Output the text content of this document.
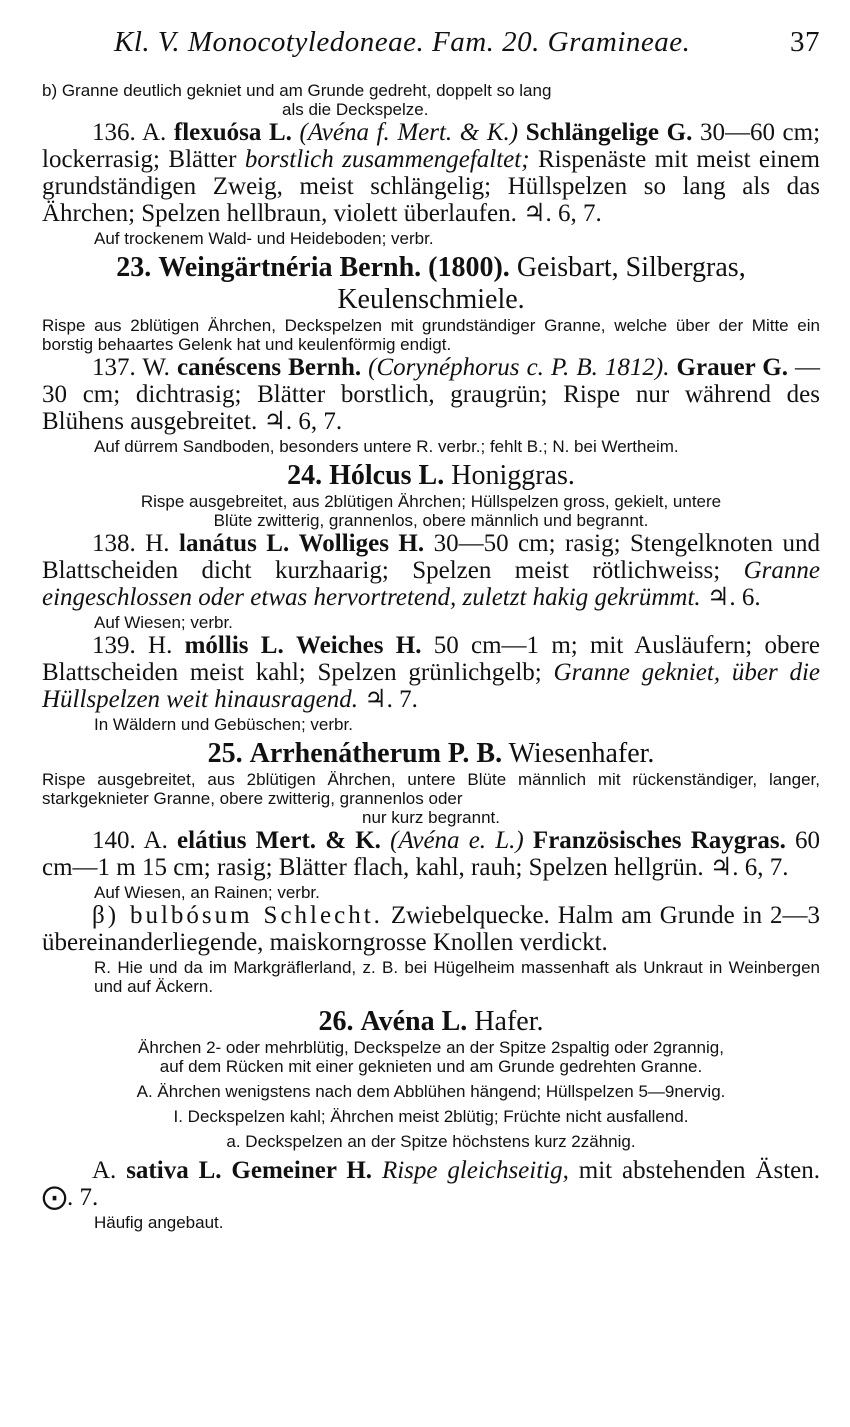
Kl. V. Monocotyledoneae. Fam. 20. Gramineae.	37
b) Granne deutlich gekniet und am Grunde gedreht, doppelt so lang
als die Deckspelze.
136. A. flexuósa L. (Avéna f. Mert. & K.) Schlängelige G. 30—60 cm; lockerrasig; Blätter borstlich zusammengefaltet; Rispenäste mit meist einem grundständigen Zweig, meist schlängelig; Hüllspelzen so lang als das Ährchen; Spelzen hellbraun, violett überlaufen. ♃. 6, 7.
Auf trockenem Wald- und Heideboden; verbr.
23. Weingärtnéria Bernh. (1800). Geisbart, Silbergras,
Keulenschmiele.
Rispe aus 2blütigen Ährchen, Deckspelzen mit grundständiger Granne, welche über der Mitte ein borstig behaartes Gelenk hat und keulenförmig endigt.
137. W. canéscens Bernh. (Corynéphorus c. P. B. 1812). Grauer G. —30 cm; dichtrasig; Blätter borstlich, graugrün; Rispe nur während des Blühens ausgebreitet. ♃. 6, 7.
Auf dürrem Sandboden, besonders untere R. verbr.; fehlt B.; N. bei Wertheim.
24. Hólcus L. Honiggras.
Rispe ausgebreitet, aus 2blütigen Ährchen; Hüllspelzen gross, gekielt, untere
Blüte zwitterig, grannenlos, obere männlich und begrannt.
138. H. lanátus L. Wolliges H. 30—50 cm; rasig; Stengelknoten und Blattscheiden dicht kurzhaarig; Spelzen meist rötlichweiss; Granne eingeschlossen oder etwas hervortretend, zuletzt hakig gekrümmt. ♃. 6.
Auf Wiesen; verbr.
139. H. móllis L. Weiches H. 50 cm—1 m; mit Ausläufern; obere Blattscheiden meist kahl; Spelzen grünlichgelb; Granne gekniet, über die Hüllspelzen weit hinausragend. ♃. 7.
In Wäldern und Gebüschen; verbr.
25. Arrhenátherum P. B. Wiesenhafer.
Rispe ausgebreitet, aus 2blütigen Ährchen, untere Blüte männlich mit rückenständiger, langer, starkgeknieter Granne, obere zwitterig, grannenlos oder
nur kurz begrannt.
140. A. elátius Mert. & K. (Avéna e. L.) Französisches Raygras. 60 cm—1 m 15 cm; rasig; Blätter flach, kahl, rauh; Spelzen hellgrün. ♃. 6, 7.
Auf Wiesen, an Rainen; verbr.
β) bulbósum Schlecht. Zwiebelquecke. Halm am Grunde in 2—3 übereinanderliegende, maiskorngrosse Knollen verdickt.
R. Hie und da im Markgräflerland, z. B. bei Hügelheim massenhaft als Unkraut in Weinbergen und auf Äckern.
26. Avéna L. Hafer.
Ährchen 2- oder mehrblütig, Deckspelze an der Spitze 2spaltig oder 2grannig,
auf dem Rücken mit einer geknieten und am Grunde gedrehten Granne.
A. Ährchen wenigstens nach dem Abblühen hängend; Hüllspelzen 5—9nervig.
I. Deckspelzen kahl; Ährchen meist 2blütig; Früchte nicht ausfallend.
a. Deckspelzen an der Spitze höchstens kurz 2zähnig.
A. sativa L. Gemeiner H. Rispe gleichseitig, mit abstehenden Ästen. ⨀. 7.
Häufig angebaut.
